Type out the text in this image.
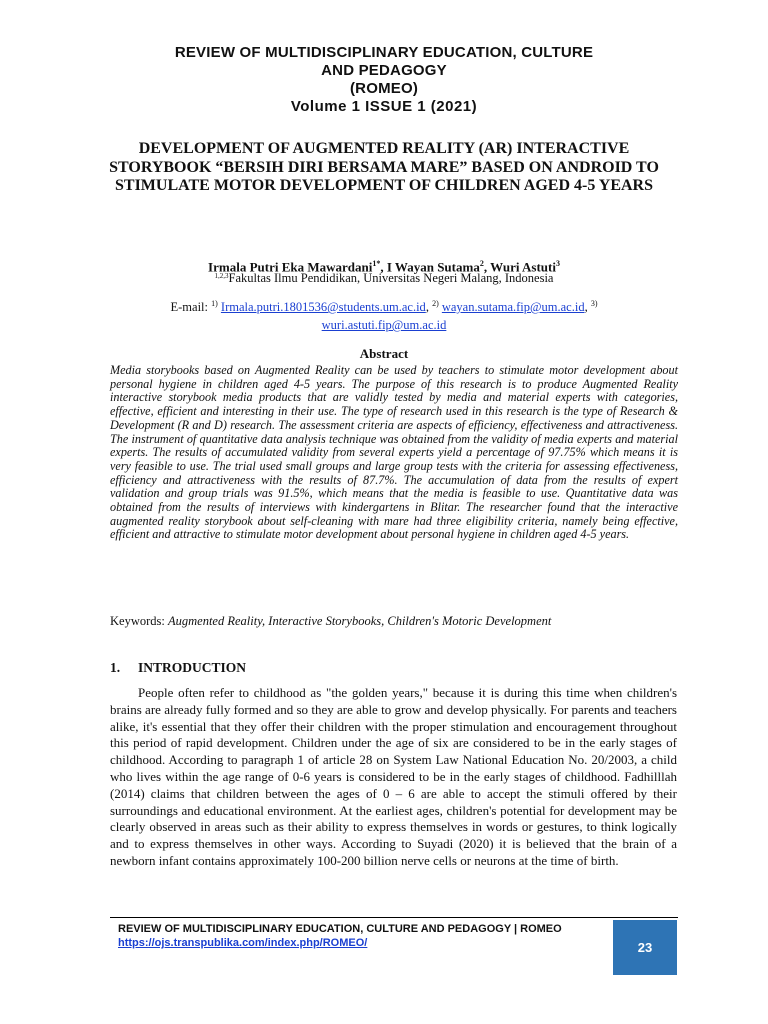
REVIEW OF MULTIDISCIPLINARY EDUCATION, CULTURE
AND PEDAGOGY
(ROMEO)
Volume 1 ISSUE 1 (2021)
DEVELOPMENT OF AUGMENTED REALITY (AR) INTERACTIVE STORYBOOK “BERSIH DIRI BERSAMA MARE” BASED ON ANDROID TO STIMULATE MOTOR DEVELOPMENT OF CHILDREN AGED 4-5 YEARS
Irmala Putri Eka Mawardani$^{1*}$, I Wayan Sutama$^2$, Wuri Astuti$^3$
$^{1,2,3}$Fakultas Ilmu Pendidikan, Universitas Negeri Malang, Indonesia
E-mail: $^{1)}$ Irmala.putri.1801536@students.um.ac.id, $^{2)}$ wayan.sutama.fip@um.ac.id, $^{3)}$
wuri.astuti.fip@um.ac.id
Abstract
Media storybooks based on Augmented Reality can be used by teachers to stimulate motor development about personal hygiene in children aged 4-5 years. The purpose of this research is to produce Augmented Reality interactive storybook media products that are validly tested by media and material experts with categories, effective, efficient and interesting in their use. The type of research used in this research is the type of Research & Development (R and D) research. The assessment criteria are aspects of efficiency, effectiveness and attractiveness. The instrument of quantitative data analysis technique was obtained from the validity of media experts and material experts. The results of accumulated validity from several experts yield a percentage of 97.75% which means it is very feasible to use. The trial used small groups and large group tests with the criteria for assessing effectiveness, efficiency and attractiveness with the results of 87.7%. The accumulation of data from the results of expert validation and group trials was 91.5%, which means that the media is feasible to use. Quantitative data was obtained from the results of interviews with kindergartens in Blitar. The researcher found that the interactive augmented reality storybook about self-cleaning with mare had three eligibility criteria, namely being effective, efficient and attractive to stimulate motor development about personal hygiene in children aged 4-5 years.
Keywords: Augmented Reality, Interactive Storybooks, Children's Motoric Development
1. INTRODUCTION

People often refer to childhood as "the golden years," because it is during this time when children's brains are already fully formed and so they are able to grow and develop physically. For parents and teachers alike, it's essential that they offer their children with the proper stimulation and encouragement throughout this period of rapid development. Children under the age of six are considered to be in the early stages of childhood. According to paragraph 1 of article 28 on System Law National Education No. 20/2003, a child who lives within the age range of 0-6 years is considered to be in the early stages of childhood. Fadhilllah (2014) claims that children between the ages of 0 – 6 are able to accept the stimuli offered by their surroundings and educational environment. At the earliest ages, children's potential for development may be clearly observed in areas such as their ability to express themselves in words or gestures, to think logically and to express themselves in other ways. According to Suyadi (2020) it is believed that the brain of a newborn infant contains approximately 100-200 billion nerve cells or neurons at the time of birth.

REVIEW OF MULTIDISCIPLINARY EDUCATION, CULTURE AND PEDAGOGY | ROMEO
https://ojs.transpublika.com/index.php/ROMEO/	23
